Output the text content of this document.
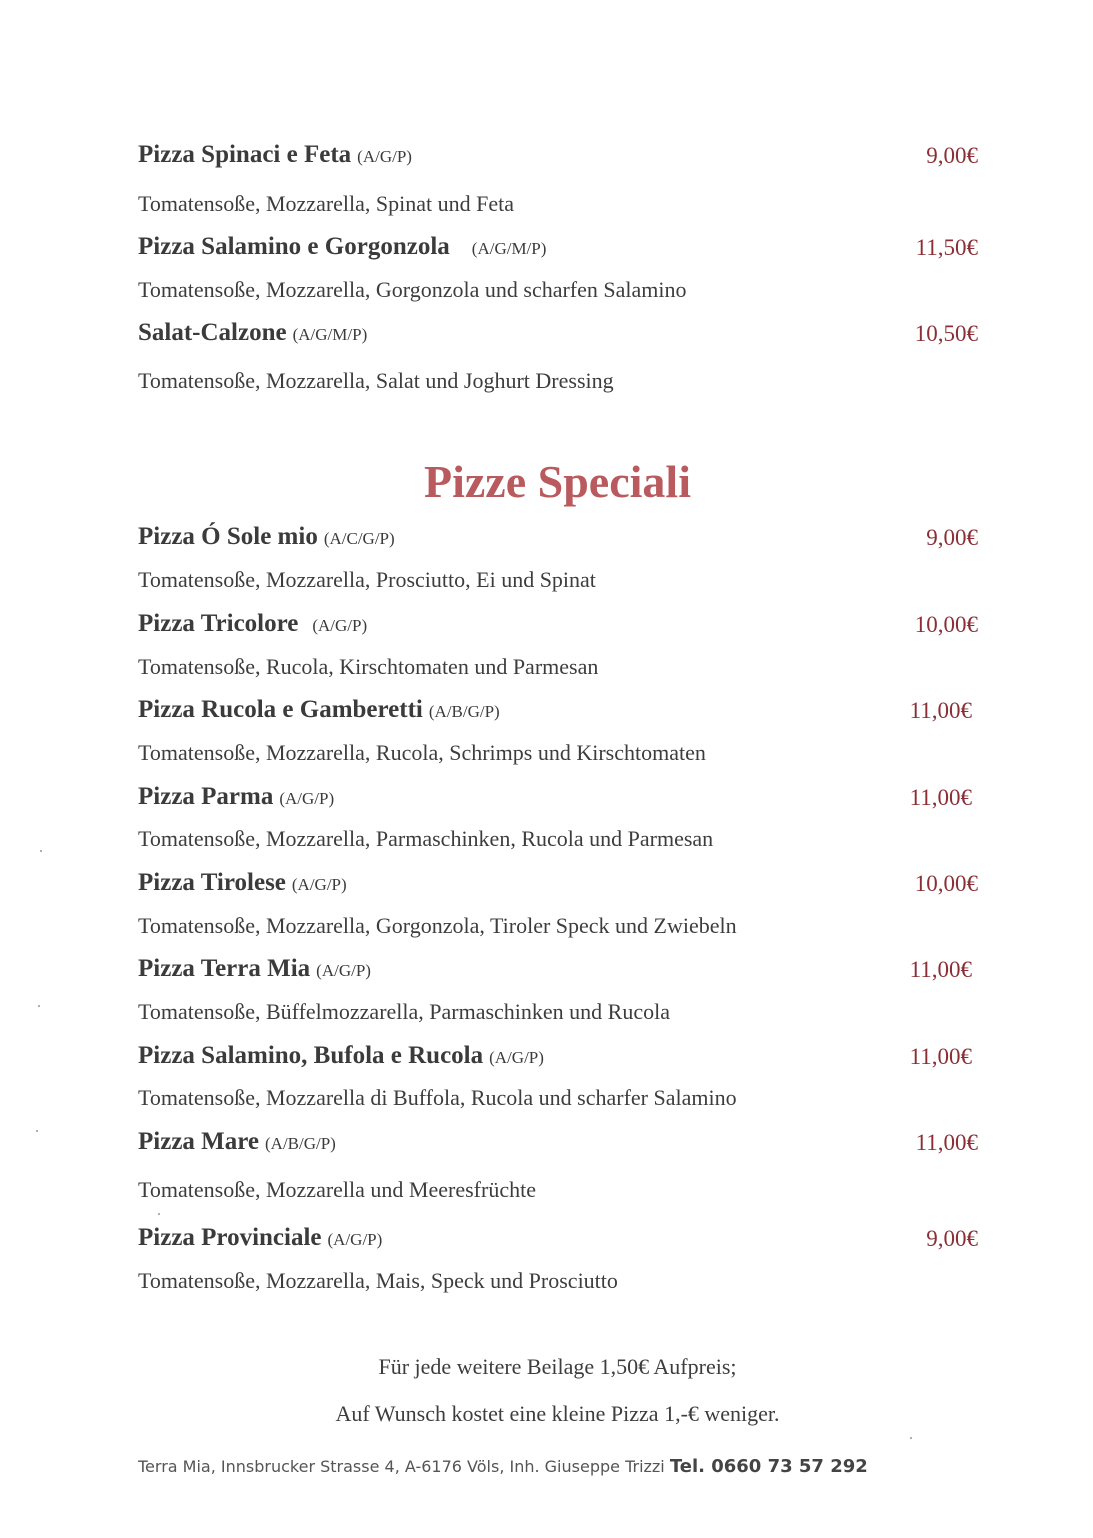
Pizza Spinaci e Feta (A/G/P)	9,00€
Tomatensoße, Mozzarella, Spinat und Feta
Pizza Salamino e Gorgonzola (A/G/M/P)	11,50€
Tomatensoße, Mozzarella, Gorgonzola und scharfen Salamino
Salat-Calzone (A/G/M/P)	10,50€
Tomatensoße, Mozzarella, Salat und Joghurt Dressing
Pizze Speciali
Pizza Ó Sole mio (A/C/G/P)	9,00€
Tomatensoße, Mozzarella, Prosciutto, Ei und Spinat
Pizza Tricolore (A/G/P)	10,00€
Tomatensoße, Rucola, Kirschtomaten und Parmesan
Pizza Rucola e Gamberetti (A/B/G/P)	11,00€
Tomatensoße, Mozzarella, Rucola, Schrimps und Kirschtomaten
Pizza Parma (A/G/P)	11,00€
Tomatensoße, Mozzarella, Parmaschinken, Rucola und Parmesan
Pizza Tirolese (A/G/P)	10,00€
Tomatensoße, Mozzarella, Gorgonzola, Tiroler Speck und Zwiebeln
Pizza Terra Mia (A/G/P)	11,00€
Tomatensoße, Büffelmozzarella, Parmaschinken und Rucola
Pizza Salamino, Bufola e Rucola (A/G/P)	11,00€
Tomatensoße, Mozzarella di Buffola, Rucola und scharfer Salamino
Pizza Mare (A/B/G/P)	11,00€
Tomatensoße, Mozzarella und Meeresfrüchte
Pizza Provinciale (A/G/P)	9,00€
Tomatensoße, Mozzarella, Mais, Speck und Prosciutto
Für jede weitere Beilage 1,50€ Aufpreis;
Auf Wunsch kostet eine kleine Pizza 1,-€ weniger.
Terra Mia, Innsbrucker Strasse 4, A-6176 Völs, Inh. Giuseppe Trizzi Tel. 0660 73 57 292
